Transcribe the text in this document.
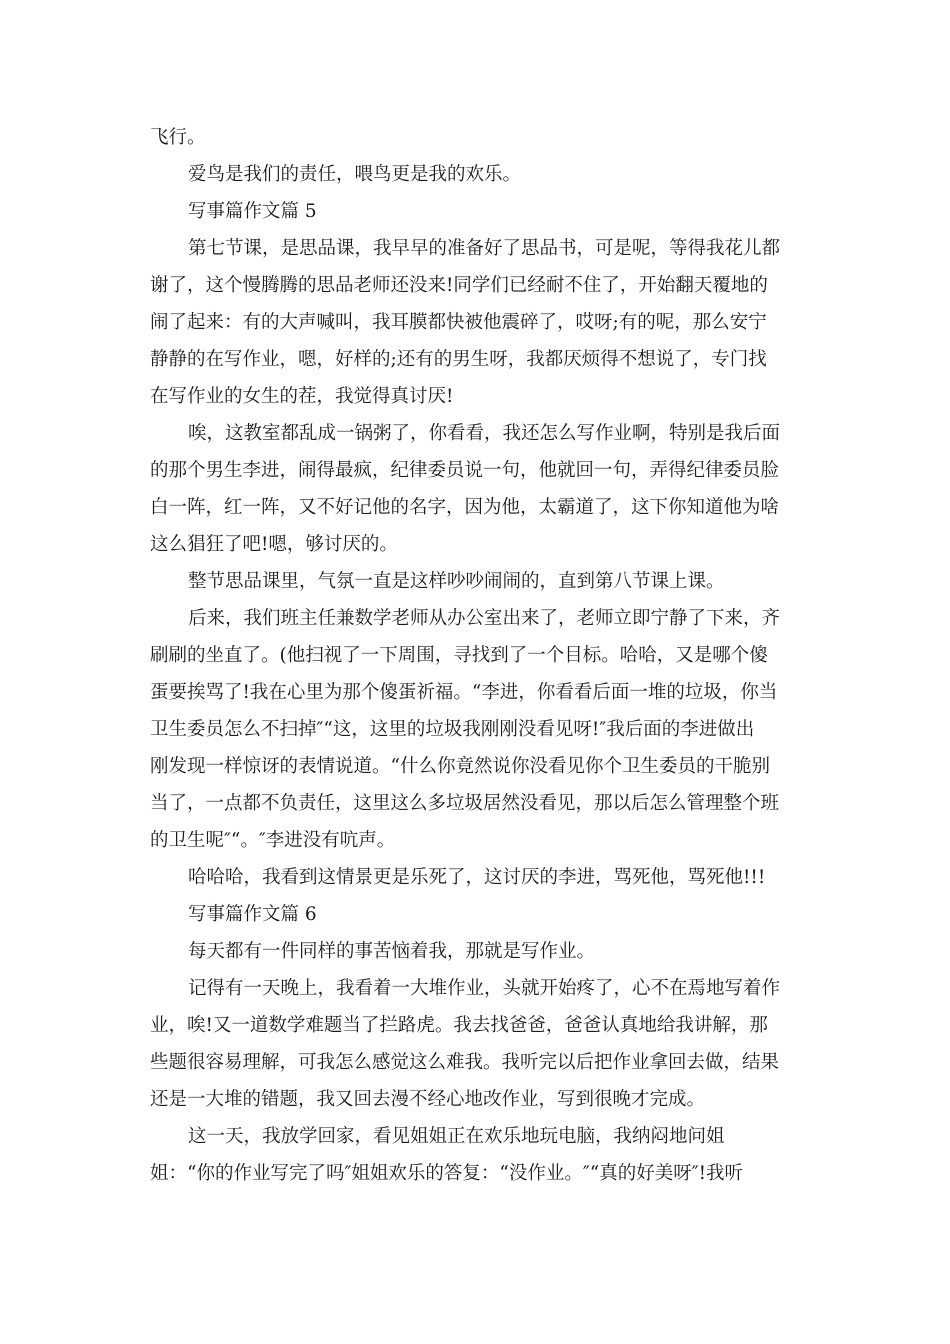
飞行。
爱鸟是我们的责任，喂鸟更是我的欢乐。
写事篇作文篇 5
第七节课，是思品课，我早早的准备好了思品书，可是呢，等得我花儿都
谢了，这个慢腾腾的思品老师还没来!同学们已经耐不住了，开始翻天覆地的
闹了起来：有的大声喊叫，我耳膜都快被他震碎了，哎呀;有的呢，那么安宁
静静的在写作业，嗯，好样的;还有的男生呀，我都厌烦得不想说了，专门找
在写作业的女生的茬，我觉得真讨厌!
唉，这教室都乱成一锅粥了，你看看，我还怎么写作业啊，特别是我后面
的那个男生李进，闹得最疯，纪律委员说一句，他就回一句，弄得纪律委员脸
白一阵，红一阵，又不好记他的名字，因为他，太霸道了，这下你知道他为啥
这么猖狂了吧!嗯，够讨厌的。
整节思品课里，气氛一直是这样吵吵闹闹的，直到第八节课上课。
后来，我们班主任兼数学老师从办公室出来了，老师立即宁静了下来，齐
刷刷的坐直了。(他扫视了一下周围，寻找到了一个目标。哈哈，又是哪个傻
蛋要挨骂了!我在心里为那个傻蛋祈福。“李进，你看看后面一堆的垃圾，你当
卫生委员怎么不扫掉″“这，这里的垃圾我刚刚没看见呀!″我后面的李进做出
刚发现一样惊讶的表情说道。“什么你竟然说你没看见你个卫生委员的干脆别
当了，一点都不负责任，这里这么多垃圾居然没看见，那以后怎么管理整个班
的卫生呢″“。″李进没有吭声。
哈哈哈，我看到这情景更是乐死了，这讨厌的李进，骂死他，骂死他!!!
写事篇作文篇 6
每天都有一件同样的事苦恼着我，那就是写作业。
记得有一天晚上，我看着一大堆作业，头就开始疼了，心不在焉地写着作
业，唉!又一道数学难题当了拦路虎。我去找爸爸，爸爸认真地给我讲解，那
些题很容易理解，可我怎么感觉这么难我。我听完以后把作业拿回去做，结果
还是一大堆的错题，我又回去漫不经心地改作业，写到很晚才完成。
这一天，我放学回家，看见姐姐正在欢乐地玩电脑，我纳闷地问姐
姐：“你的作业写完了吗″姐姐欢乐的答复：“没作业。″“真的好美呀″!我听
